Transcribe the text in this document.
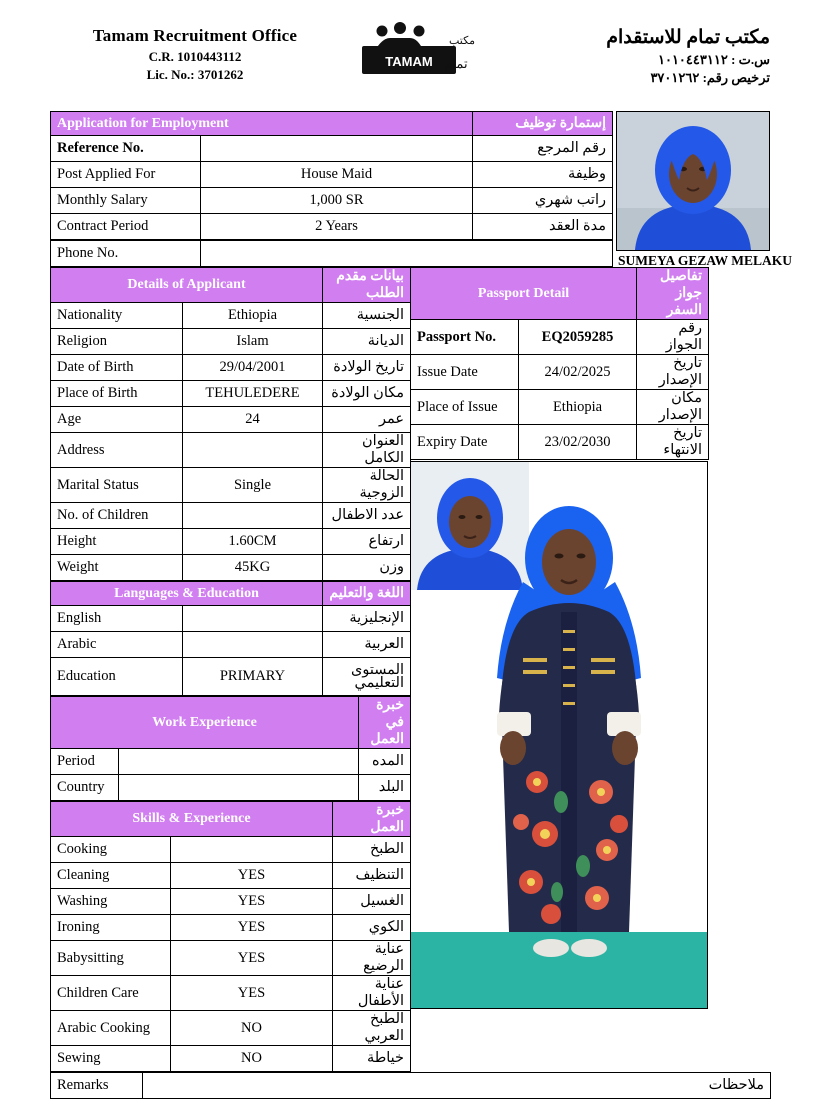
Tamam Recruitment Office
C.R. 1010443112
Lic. No.: 3701262
TAMAM
مكتب
تمام
مكتب تمام للاستقدام
س.ت : ١٠١٠٤٤٣١١٢
ترخيص رقم: ٣٧٠١٢٦٢
Application for Employment		إستمارة توظيف
Reference No.		رقم المرجع
Post Applied For	House Maid	وظيفة
Monthly Salary	1,000 SR	راتب شهري
Contract Period	2 Years	مدة العقد
Phone No.		SUMEYA GEZAW MELAKU
Details of Applicant		بيانات مقدم الطلب
Nationality	Ethiopia	الجنسية
Religion	Islam	الديانة
Date of Birth	29/04/2001	تاريخ الولادة
Place of Birth	TEHULEDERE	مكان الولادة
Age	24	عمر
Address		العنوان الكامل
Marital Status	Single	الحالة الزوجية
No. of Children		عدد الاطفال
Height	1.60CM	ارتفاع
Weight	45KG	وزن
Languages & Education		اللغة والتعليم
English		الإنجليزية
Arabic		العربية
Education	PRIMARY	المستوى التعليمي
Work Experience		خبرة في العمل
Period		المده
Country		البلد
Skills & Experience		خبرة العمل
Cooking		الطبخ
Cleaning	YES	التنظيف
Washing	YES	الغسيل
Ironing	YES	الكوي
Babysitting	YES	عناية الرضيع
Children Care	YES	عناية الأطفال
Arabic Cooking	NO	الطبخ العربي
Sewing	NO	خياطة
Passport Detail		تفاصيل جواز السفر
Passport No.	EQ2059285	رقم الجواز
Issue Date	24/02/2025	تاريخ الإصدار
Place of Issue	Ethiopia	مكان الإصدار
Expiry Date	23/02/2030	تاريخ الانتهاء
Remarks	ملاحظات
